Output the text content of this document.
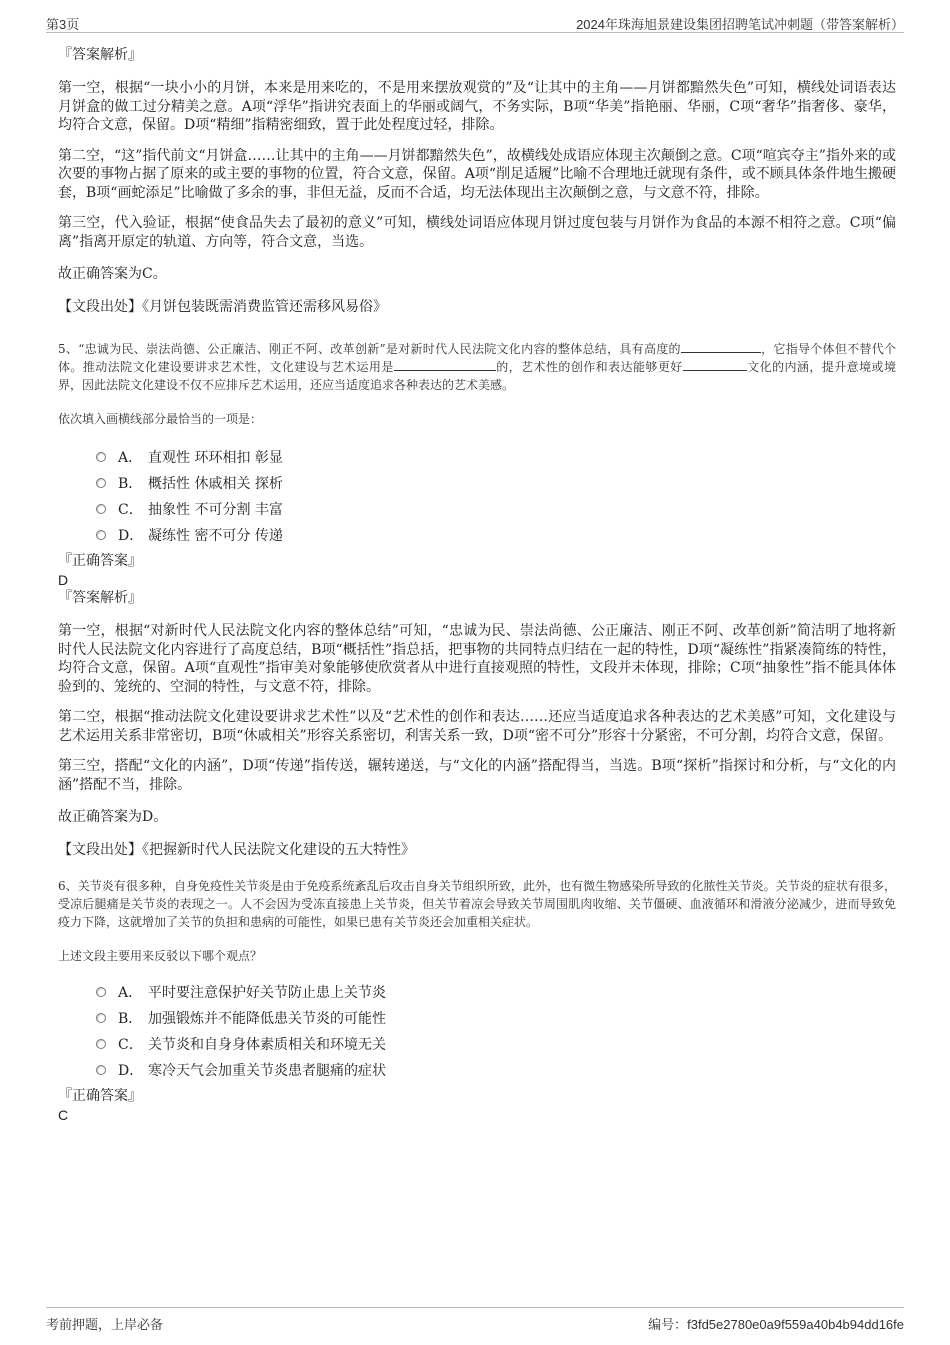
第3页	2024年珠海旭景建设集团招聘笔试冲刺题（带答案解析）

『答案解析』

第一空，根据“一块小小的月饼，本来是用来吃的，不是用来摆放观赏的”及“让其中的主角——月饼都黯然失色”可知，横线处词语表达月饼盒的做工过分精美之意。A项“浮华”指讲究表面上的华丽或阔气，不务实际，B项“华美”指艳丽、华丽，C项“奢华”指奢侈、豪华，均符合文意，保留。D项“精细”指精密细致，置于此处程度过轻，排除。

第二空，“这”指代前文“月饼盒……让其中的主角——月饼都黯然失色”，故横线处成语应体现主次颠倒之意。C项“喧宾夺主”指外来的或次要的事物占据了原来的或主要的事物的位置，符合文意，保留。A项“削足适履”比喻不合理地迁就现有条件，或不顾具体条件地生搬硬套，B项“画蛇添足”比喻做了多余的事，非但无益，反而不合适，均无法体现出主次颠倒之意，与文意不符，排除。

第三空，代入验证，根据“使食品失去了最初的意义”可知，横线处词语应体现月饼过度包装与月饼作为食品的本源不相符之意。C项“偏离”指离开原定的轨道、方向等，符合文意，当选。

故正确答案为C。

【文段出处】《月饼包装既需消费监管还需移风易俗》

5、“忠诚为民、崇法尚德、公正廉洁、刚正不阿、改革创新”是对新时代人民法院文化内容的整体总结，具有高度的	，它指导个体但不替代个体。推动法院文化建设要讲求艺术性，文化建设与艺术运用是	的，艺术性的创作和表达能够更好	文化的内涵，提升意境或境界，因此法院文化建设不仅不应排斥艺术运用，还应当适度追求各种表达的艺术美感。

依次填入画横线部分最恰当的一项是：

A． 直观性 环环相扣 彰显
B． 概括性 休戚相关 探析
C． 抽象性 不可分割 丰富
D． 凝练性 密不可分 传递

『正确答案』

D

『答案解析』

第一空，根据“对新时代人民法院文化内容的整体总结”可知，“忠诚为民、崇法尚德、公正廉洁、刚正不阿、改革创新”简洁明了地将新时代人民法院文化内容进行了高度总结，B项“概括性”指总括，把事物的共同特点归结在一起的特性，D项“凝练性”指紧凑简练的特性，均符合文意，保留。A项“直观性”指审美对象能够使欣赏者从中进行直接观照的特性，文段并未体现，排除；C项“抽象性”指不能具体体验到的、笼统的、空洞的特性，与文意不符，排除。

第二空，根据“推动法院文化建设要讲求艺术性”以及“艺术性的创作和表达……还应当适度追求各种表达的艺术美感”可知，文化建设与艺术运用关系非常密切，B项“休戚相关”形容关系密切，利害关系一致，D项“密不可分”形容十分紧密，不可分割，均符合文意，保留。

第三空，搭配“文化的内涵”，D项“传递”指传送，辗转递送，与“文化的内涵”搭配得当，当选。B项“探析”指探讨和分析，与“文化的内涵”搭配不当，排除。

故正确答案为D。

【文段出处】《把握新时代人民法院文化建设的五大特性》

6、关节炎有很多种，自身免疫性关节炎是由于免疫系统紊乱后攻击自身关节组织所致，此外，也有微生物感染所导致的化脓性关节炎。关节炎的症状有很多，受凉后腿痛是关节炎的表现之一。人不会因为受冻直接患上关节炎，但关节着凉会导致关节周围肌肉收缩、关节僵硬、血液循环和滑液分泌减少，进而导致免疫力下降，这就增加了关节的负担和患病的可能性，如果已患有关节炎还会加重相关症状。

上述文段主要用来反驳以下哪个观点？

A． 平时要注意保护好关节防止患上关节炎
B． 加强锻炼并不能降低患关节炎的可能性
C． 关节炎和自身身体素质相关和环境无关
D． 寒冷天气会加重关节炎患者腿痛的症状

『正确答案』

C

考前押题，上岸必备	编号：f3fd5e2780e0a9f559a40b4b94dd16fe
